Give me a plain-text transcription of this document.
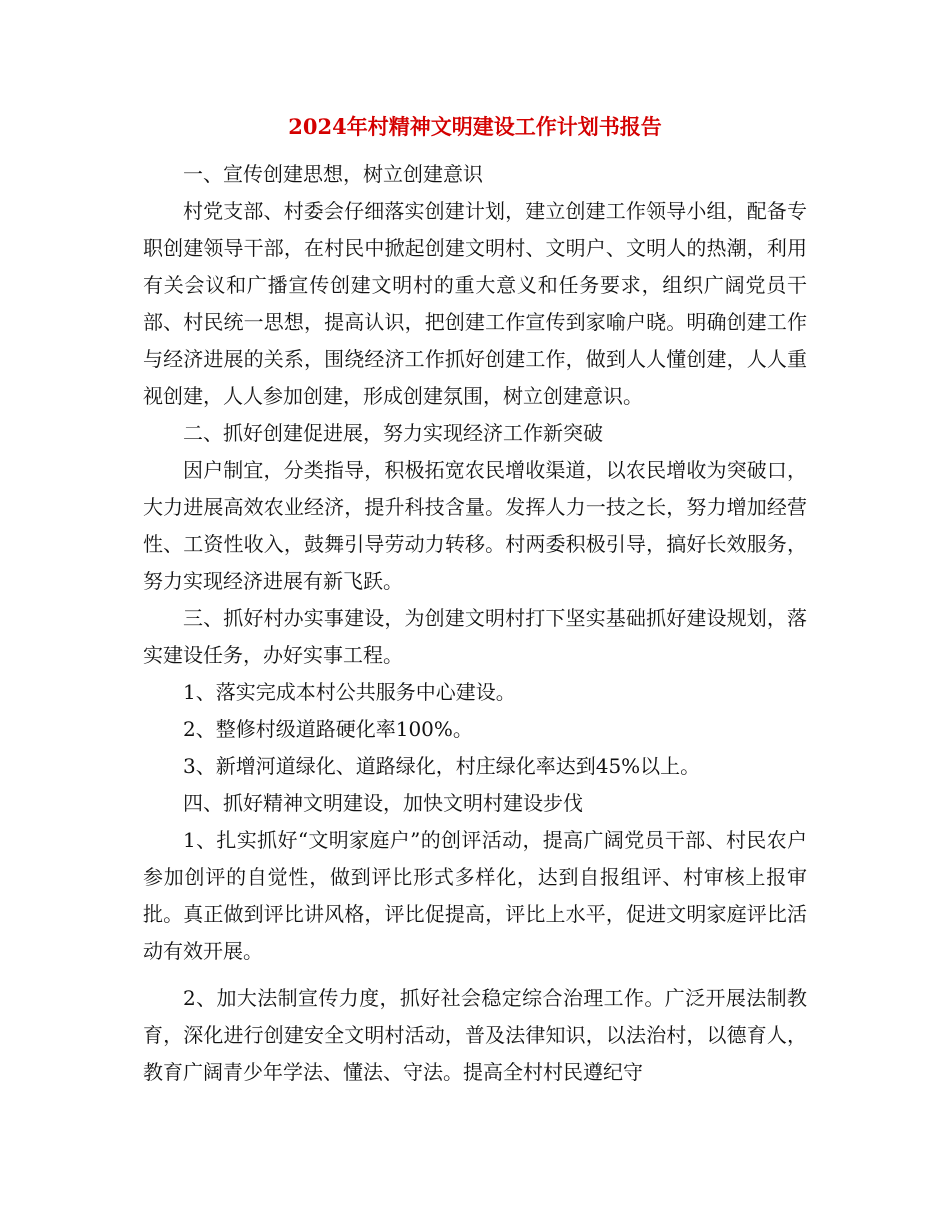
2024年村精神文明建设工作计划书报告

一、宣传创建思想，树立创建意识

村党支部、村委会仔细落实创建计划，建立创建工作领导小组，配备专职创建领导干部，在村民中掀起创建文明村、文明户、文明人的热潮，利用有关会议和广播宣传创建文明村的重大意义和任务要求，组织广阔党员干部、村民统一思想，提高认识，把创建工作宣传到家喻户晓。明确创建工作与经济进展的关系，围绕经济工作抓好创建工作，做到人人懂创建，人人重视创建，人人参加创建，形成创建氛围，树立创建意识。

二、抓好创建促进展，努力实现经济工作新突破

因户制宜，分类指导，积极拓宽农民增收渠道，以农民增收为突破口，大力进展高效农业经济，提升科技含量。发挥人力一技之长，努力增加经营性、工资性收入，鼓舞引导劳动力转移。村两委积极引导，搞好长效服务，努力实现经济进展有新飞跃。

三、抓好村办实事建设，为创建文明村打下坚实基础抓好建设规划，落实建设任务，办好实事工程。

1、落实完成本村公共服务中心建设。

2、整修村级道路硬化率100%。

3、新增河道绿化、道路绿化，村庄绿化率达到45%以上。

四、抓好精神文明建设，加快文明村建设步伐

1、扎实抓好“文明家庭户”的创评活动，提高广阔党员干部、村民农户参加创评的自觉性，做到评比形式多样化，达到自报组评、村审核上报审批。真正做到评比讲风格，评比促提高，评比上水平，促进文明家庭评比活动有效开展。

2、加大法制宣传力度，抓好社会稳定综合治理工作。广泛开展法制教育，深化进行创建安全文明村活动，普及法律知识，以法治村，以德育人，教育广阔青少年学法、懂法、守法。提高全村村民遵纪守
